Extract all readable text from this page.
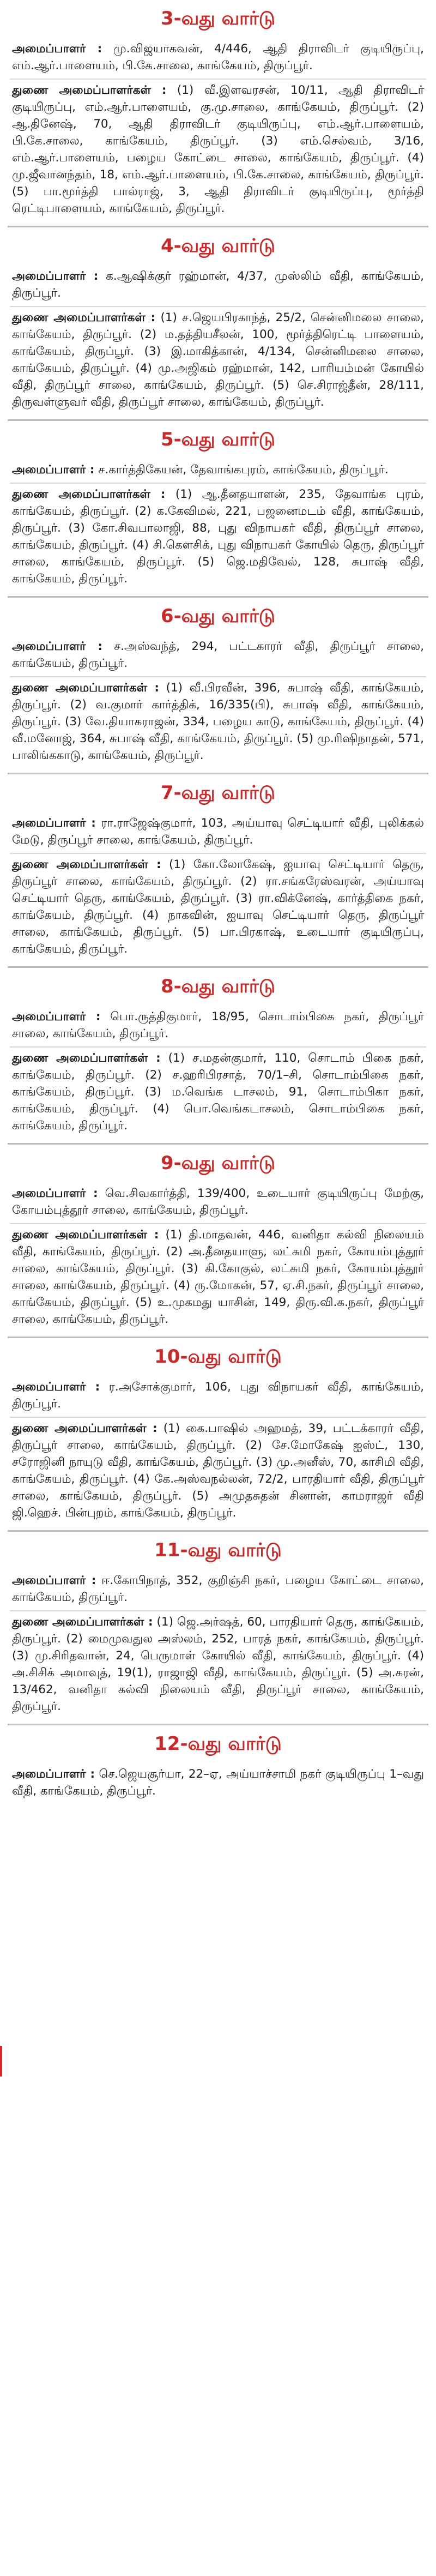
3-வது வார்டு
அமைப்பாளர் : மு.விஜயாகவன், 4/446, ஆதி திராவிடர் குடியிருப்பு, எம்.ஆர்.பாளையம், பி.கே.சாலை, காங்கேயம், திருப்பூர்.
துணை அமைப்பாளர்கள் : (1) வீ.இளவரசன், 10/11, ஆதி திராவிடர் குடியிருப்பு, எம்.ஆர்.பாளையம், கு.மு.சாலை, காங்கேயம், திருப்பூர். (2) ஆ.தினேஷ், 70, ஆதி திராவிடர் குடியிருப்பு, எம்.ஆர்.பாளையம், பி.கே.சாலை, காங்கேயம், திருப்பூர். (3) எம்.செல்வம், 3/16, எம்.ஆர்.பாளையம், பழைய கோட்டை சாலை, காங்கேயம், திருப்பூர். (4) மு.ஜீவானந்தம், 18, எம்.ஆர்.பாளையம், பி.கே.சாலை, காங்கேயம், திருப்பூர். (5) பா.மூர்த்தி பால்ராஜ், 3, ஆதி திராவிடர் குடியிருப்பு, மூர்த்தி ரெட்டிபாளையம், காங்கேயம், திருப்பூர்.
4-வது வார்டு
அமைப்பாளர் : க.ஆஷிக்குர் ரஹ்மான், 4/37, முஸ்லிம் வீதி, காங்கேயம், திருப்பூர்.
துணை அமைப்பாளர்கள் : (1) ச.ஜெயபிரகாந்த், 25/2, சென்னிமலை சாலை, காங்கேயம், திருப்பூர். (2) ம.தத்தியசீலன், 100, மூர்த்திரெட்டி பாளையம், காங்கேயம், திருப்பூர். (3) இ.மாகித்கான், 4/134, சென்னிமலை சாலை, காங்கேயம், திருப்பூர். (4) மு.அஜிகம் ரஹ்மான், 142, பாரியம்மன் கோயில் வீதி, திருப்பூர் சாலை, காங்கேயம், திருப்பூர். (5) செ.சிராஜ்தீன், 28/111, திருவள்ளுவர் வீதி, திருப்பூர் சாலை, காங்கேயம், திருப்பூர்.
5-வது வார்டு
அமைப்பாளர் : ச.கார்த்திகேயன், தேவாங்கபுரம், காங்கேயம், திருப்பூர்.
துணை அமைப்பாளர்கள் : (1) ஆ.தீனதயாளன், 235, தேவாங்க புரம், காங்கேயம், திருப்பூர். (2) க.கேவிமல், 221, பஜனைமடம் வீதி, காங்கேயம், திருப்பூர். (3) கோ.சிவபாலாஜி, 88, புது விநாயகர் வீதி, திருப்பூர் சாலை, காங்கேயம், திருப்பூர். (4) சி.கௌசிக், புது விநாயகர் கோயில் தெரு, திருப்பூர் சாலை, காங்கேயம், திருப்பூர். (5) ஜெ.மதிவேல், 128, சுபாஷ் வீதி, காங்கேயம், திருப்பூர்.
6-வது வார்டு
அமைப்பாளர் : ச.அஸ்வந்த், 294, பட்டகாரர் வீதி, திருப்பூர் சாலை, காங்கேயம், திருப்பூர்.
துணை அமைப்பாளர்கள் : (1) வீ.பிரவீன், 396, சுபாஷ் வீதி, காங்கேயம், திருப்பூர். (2) வ.குமார் கார்த்திக், 16/335(பி), சுபாஷ் வீதி, காங்கேயம், திருப்பூர். (3) வே.தியாகராஜன், 334, பழைய காடு, காங்கேயம், திருப்பூர். (4) வீ.மனோஜ், 364, சுபாஷ் வீதி, காங்கேயம், திருப்பூர். (5) மு.ரிஷிநாதன், 571, பாலிங்ககாடு, காங்கேயம், திருப்பூர்.
7-வது வார்டு
அமைப்பாளர் : ரா.ராஜேஷ்குமார், 103, அய்யாவு செட்டியார் வீதி, புலிக்கல் மேடு, திருப்பூர் சாலை, காங்கேயம், திருப்பூர்.
துணை அமைப்பாளர்கள் : (1) கோ.லோகேஷ், ஐயாவு செட்டியார் தெரு, திருப்பூர் சாலை, காங்கேயம், திருப்பூர். (2) ரா.சங்கரேஸ்வரன், அய்யாவு செட்டியார் தெரு, காங்கேயம், திருப்பூர். (3) ரா.விக்னேஷ், கார்த்திகை நகர், காங்கேயம், திருப்பூர். (4) நாகவின், ஐயாவு செட்டியார் தெரு, திருப்பூர் சாலை, காங்கேயம், திருப்பூர். (5) பா.பிரகாஷ், உடையார் குடியிருப்பு, காங்கேயம், திருப்பூர்.
8-வது வார்டு
அமைப்பாளர் : பொ.ருத்திகுமார், 18/95, சொடாம்பிகை நகர், திருப்பூர் சாலை, காங்கேயம், திருப்பூர்.
துணை அமைப்பாளர்கள் : (1) ச.மதன்குமார், 110, சொடாம் பிகை நகர், காங்கேயம், திருப்பூர். (2) ச.ஹரிபிரசாத், 70/1–சி, சொடாம்பிகை நகர், காங்கேயம், திருப்பூர். (3) ம.வெங்க டாசலம், 91, சொடாம்பிகா நகர், காங்கேயம், திருப்பூர். (4) பொ.வெங்கடாசலம், சொடாம்பிகை நகர், காங்கேயம், திருப்பூர்.
9-வது வார்டு
அமைப்பாளர் : வெ.சிவகார்த்தி, 139/400, உடையார் குடியிருப்பு மேற்கு, கோயம்புத்தூர் சாலை, காங்கேயம், திருப்பூர்.
துணை அமைப்பாளர்கள் : (1) தி.மாதவன், 446, வனிதா கல்வி நிலையம் வீதி, காங்கேயம், திருப்பூர். (2) அ.தீனதயாளு, லட்சுமி நகர், கோயம்புத்தூர் சாலை, காங்கேயம், திருப்பூர். (3) கி.கோகுல், லட்சுமி நகர், கோயம்புத்தூர் சாலை, காங்கேயம், திருப்பூர். (4) ரு.மோகன், 57, ஏ.சி.நகர், திருப்பூர் சாலை, காங்கேயம், திருப்பூர். (5) உ.முகமது யாசின், 149, திரு.வி.க.நகர், திருப்பூர் சாலை, காங்கேயம், திருப்பூர்.
10-வது வார்டு
அமைப்பாளர் : ர.அசோக்குமார், 106, புது விநாயகர் வீதி, காங்கேயம், திருப்பூர்.
துணை அமைப்பாளர்கள் : (1) கை.பாஷில் அஹமத், 39, பட்டக்காரர் வீதி, திருப்பூர் சாலை, காங்கேயம், திருப்பூர். (2) சே.மோகேஷ் ஐஸ்ட், 130, சரோஜினி நாயுடு வீதி, காங்கேயம், திருப்பூர். (3) மு.அனீஸ், 70, காசிமி வீதி, காங்கேயம், திருப்பூர். (4) கே.அஸ்வநல்லன், 72/2, பாரதியார் வீதி, திருப்பூர் சாலை, காங்கேயம், திருப்பூர். (5) அமுதசுதன் சினான், காமராஜர் வீதி ஜி.ஹெச். பின்புறம், காங்கேயம், திருப்பூர்.
11-வது வார்டு
அமைப்பாளர் : ஈ.கோபிநாத், 352, குறிஞ்சி நகர், பழைய கோட்டை சாலை, காங்கேயம், திருப்பூர்.
துணை அமைப்பாளர்கள் : (1) ஜெ.அர்ஷத், 60, பாரதியார் தெரு, காங்கேயம், திருப்பூர். (2) மைமுவதுல அஸ்லம், 252, பாரத் நகர், காங்கேயம், திருப்பூர். (3) மு.சிரிதவான், 24, பெருமாள் கோயில் வீதி, காங்கேயம், திருப்பூர். (4) அ.சிசிக் அமாவுத், 19(1), ராஜாஜி வீதி, காங்கேயம், திருப்பூர். (5) அ.கரன், 13/462, வனிதா கல்வி நிலையம் வீதி, திருப்பூர் சாலை, காங்கேயம், திருப்பூர்.
12-வது வார்டு
அமைப்பாளர் : செ.ஜெயசூர்யா, 22–ஏ, அய்யாச்சாமி நகர் குடியிருப்பு 1–வது வீதி, காங்கேயம், திருப்பூர்.
